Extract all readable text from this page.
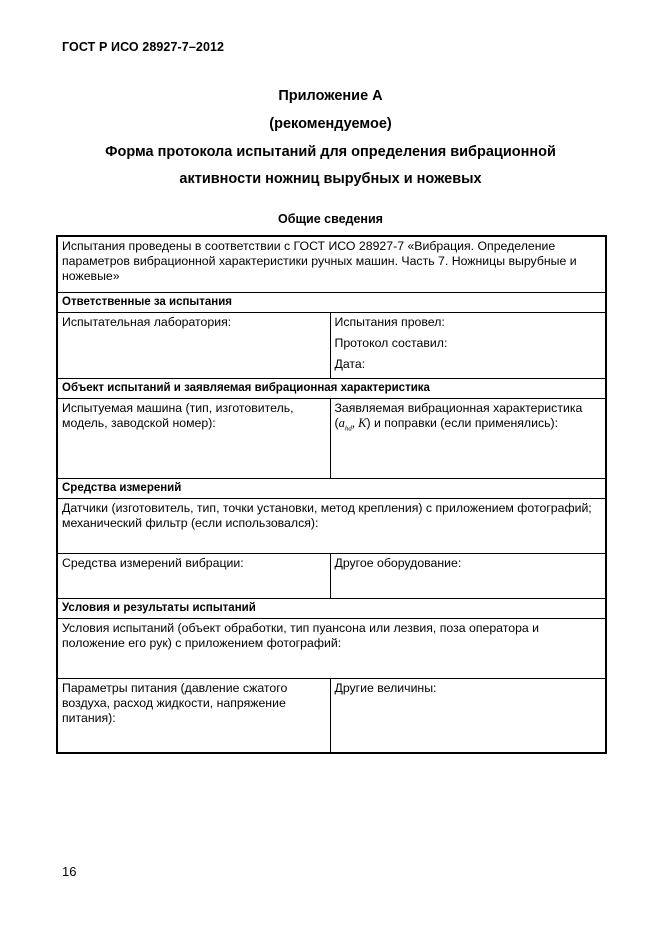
ГОСТ Р ИСО 28927-7–2012
Приложение А
(рекомендуемое)
Форма протокола испытаний для определения вибрационной
активности ножниц вырубных и ножевых
Общие сведения
Испытания проведены в соответствии с ГОСТ ИСО 28927-7 «Вибрация. Определение параметров вибрационной характеристики ручных машин. Часть 7. Ножницы вырубные и ножевые»	
Ответственные за испытания	
Испытательная лаборатория:	Испытания провел:
Протокол составил:
Дата:

Объект испытаний и заявляемая вибрационная характеристика	
Испытуемая машина (тип, изготовитель, модель, заводской номер):	Заявляемая вибрационная характеристика ($a_{hd}$, K) и поправки (если применялись):
Средства измерений	
Датчики (изготовитель, тип, точки установки, метод крепления) с приложением фотографий; механический фильтр (если использовался):	
Средства измерений вибрации:	Другое оборудование:
Условия и результаты испытаний	
Условия испытаний (объект обработки, тип пуансона или лезвия, поза оператора и положение его рук) с приложением фотографий:	
Параметры питания (давление сжатого воздуха, расход жидкости, напряжение питания):	Другие величины:
16
